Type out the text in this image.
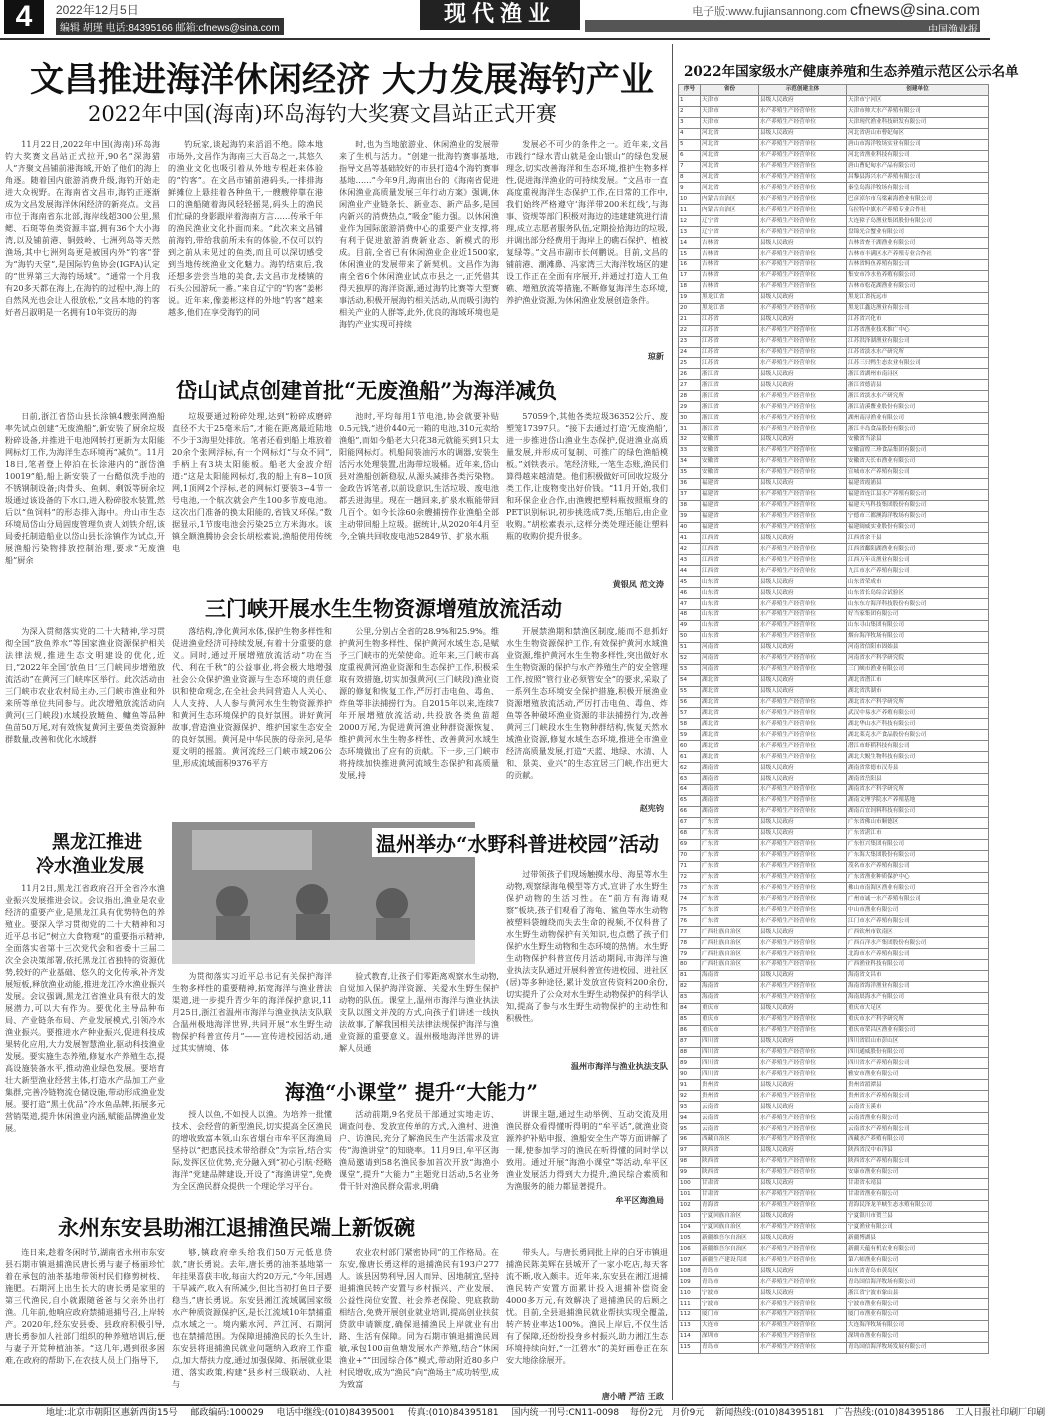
4	2022年12月5日
编辑 胡瑾 电话:84395166 邮箱:cfnews@sina.com
现代渔业	电子版:www.fujiansannong.com cfnews@sina.com
中国渔业报
文昌推进海洋休闲经济 大力发展海钓产业
2022年中国(海南)环岛海钓大奖赛文昌站正式开赛

11月22日,2022年中国(海南)环岛海钓大奖赛文昌站正式拉开,90名“深海猎人”齐聚文昌铺前港海域,开始了他们的海上角逐。随着国内旅游消费升级,海钓开始走进大众视野。在海南省文昌市,海钓正逐渐成为文昌发展海洋休闲经济的新亮点。文昌市位于海南省东北部,海岸线超300公里,黑鳃、石斑等鱼类资源丰富,拥有36个大小海湾,以及铺前港、铜鼓岭、七洲列岛等天然渔场,其中七洲列岛更是被国内外“钓客”誉为“海钓天堂”,是国际钓鱼协会(IGFA)认定的“世界第三大海钓场域”。“通常一个月我有20多天都在海上,在海钓的过程中,海上的自然风光也会让人很放松,”文昌本地的钓客好者吕淑明是一名拥有10年资历的海

钓玩家,谈起海钓来滔滔不绝。除本地市场外,文昌作为海南三大百岛之一,其悠久的渔业文化也吸引着从外地专程赶来体验的“钓客”。在文昌市铺前港码头,一排排海鲜摊位上悬挂着各种鱼干,一艘艘停靠在港口的渔船随着海风轻轻摇晃,码头上的渔民们忙碌的身影跟岸着海南方言……传承千年的渔民渔业文化扑面而来。“此次来文昌铺前海钓,带给我前所未有的体验,不仅可以钓到之前从未见过的鱼类,而且可以深切感受到当地传统渔业文化魅力。海钓结束后,我还想多尝尝当地的美食,去文昌市龙楼镇的石头公园游玩一番。”来自辽宁的“钓客”姜彬说。近年来,像姜彬这样的外地“钓客”越来越多,他们在享受海钓的同

时,也为当地旅游业、休闲渔业的发展带来了生机与活力。“创建一批海钓赛事基地,指导文昌等基础较好的市县打造4个海钓赛事基地……”今年9月,海南出台的《海南省促进休闲渔业高质量发展三年行动方案》强调,休闲渔业产业链条长、新业态、新产品多,是国内新兴的消费热点,“吸金”能力强。以休闲渔业作为国际旅游消费中心的重要产业支撑,将有利于促进旅游消费新业态、新模式的形成。目前,全省已有休闲渔业企业近1500家,休闲渔业的发展带来了新契机。文昌作为海南全省6个休闲渔业试点市县之一,正凭借其得天独厚的海洋资源,通过海钓比赛等大型赛事活动,积极开展海钓相关活动,从而吸引海钓相关产业的人群等,此外,优良的海域环境也是海钓产业实现可持续

发展必不可少的条件之一。近年来,文昌市践行“绿水青山就是金山银山”的绿色发展理念,切实改善海洋和生态环境,推护生物多样性,促进海洋渔业的可持续发展。“文昌市一直高度重视海洋生态保护工作,在日常的工作中,我们始终严格遵守‘海洋带200米红线’,与海事、资规等部门积极对海边的违建建筑进行清理,成立志愿者服务队伍,定期捡拾海边的垃圾,并调出部分经费用于海岸上的礁石保护、植被复绿等。”文昌市副市长何鹏说。目前,文昌的铺前港、潮滩鼻、冯家湾三大海洋牧场区的建设工作正在全面有序展开,并通过打造人工鱼礁、增殖放流等措施,不断修复海洋生态环境,养护渔业资源,为休闲渔业发展创造条件。

琼新
岱山试点创建首批“无废渔船”为海洋减负

日前,浙江省岱山县长涂镇4艘张网渔船率先试点创建“无废渔船”,新安装了厨余垃圾粉碎设备,并推进干电池网转打更新为太阳能网标灯工作,为海洋生态环境再“减负”。11月18日,笔者登上停泊在长涂港内的“浙岱渔10019”船,船上新安装了一台酷似洗手池的不锈钢制设备;肉骨头、鱼刺、剩饭等厨余垃圾通过该设备的下水口,进入粉碎胶水装置,然后以“鱼饲料”的形态排入海中。舟山市生态环境局岱山分局固废管理负责人刘铁介绍,该局委托制造船业以岱山县长涂镇作为试点,开展渔船污染物排放控制治理,要求“无废渔船”厨余

垃圾要通过粉碎处理,达到“粉碎成磨碎直径不大于25毫米后”,才能在距离最近陆地不少于3海里处排放。笔者还看到船上堆放着20余个张网浮标,有一个网标灯“与众不同”,手柄上有3块太阳能板。船老大金波介绍道:“这是太阳能网标灯,我的船上有8~10顶网,1顶网2个浮标,老的网标灯要装3~4节一号电池,一个航次就会产生100多节废电池。这次出门准备的换太阳能的,省钱又环保。”数据显示,1节废电池会污染25立方米海水。该镇全额渔腾协会会长胡松素说,渔船使用传统电

池时,平均每用1节电池,协会就要补贴0.5元钱,“进价440元一箱的电池,310元卖给渔船”,而如今船老大只花38元就能买到1只太阳能网标灯。机船间装油污水的调器,安装生活污水处理装置,出海带垃圾桶。近年来,岱山县对渔船创新稳驭,从源头减排各类污染物。金政告诉笔者,以前设意识,生活垃圾、废电池都丢进海里。现在一趟回来,扩泉水瓶能带回几百个。如今长涂60余艘捕捞作业渔船全部主动带回船上垃圾。据统计,从2020年4月至今,全镇共回收废电池52849节、扩泉水瓶

57059个,其他各类垃圾36352公斤、废塑笼17397只。“接下去通过打造‘无废渔船’,进一步推进岱山渔业生态保护,促进渔业高质量发展,并形成可复制、可推广的绿色渔船模板。”刘铁表示。笔经济账,一笔生态账,渔民们算得越来越清楚。他们积极做好可回收垃圾分类工作,让废物变出好价钱。“11月开始,我们和环保企业合作,由渔嫂把塑料瓶按照瓶身的PET识别标识,初步挑选成7类,压缩后,由企业收购。”胡松素表示,这样分类处理还能让塑料瓶的收购价提升很多。

黄银凤 范文涛
三门峡开展水生生物资源增殖放流活动

为深入贯彻落实党的二十大精神,学习贯彻全国“放鱼养水”等国家渔业资源保护相关法律法规,推进生态文明建设的优化,近日,“2022年全国‘放鱼日’三门峡同步增殖放流活动”在黄河三门峡库区举行。此次活动由三门峡市农业农村局主办,三门峡市渔业和外来所等单位共同参与。此次增殖放流活动向黄河(三门峡段)水域投放鲢鱼、鳙鱼等品种鱼苗50万尾,对有效恢复黄河主要鱼类资源种群数量,改善和优化水域群

落结构,净化黄河水体,保护生物多样性和促进渔业经济可持续发展,有着十分重要的意义。同时,通过开展增殖放流活动“功在当代、利在千秋”的公益事业,将会极大地增强社会公众保护渔业资源与生态环境的责任意识和使命观念,在全社会共同营造人人关心、人人支持、人人参与黄河水生生物资源养护和黄河生态环境保护的良好氛围。讲好黄河故事,营造渔业资源保护、维护国家生态安全的良好氛围。黄河是中华民族的母亲河,是华夏文明的摇篮。黄河流经三门峡市域206公里,形成流域面积9376平方

公里,分别占全省的28.9%和25.9%。维护黄河生物多样性、保护黄河水域生态,是赋予三门峡市的光荣使命。近年来,三门峡市高度重视黄河渔业资源和生态保护工作,积极采取有效措施,切实加强黄河(三门峡段)渔业资源的修复和恢复工作,严厉打击电鱼、毒鱼、炸鱼等非法捕捞行为。自2015年以来,连续7年开展增殖放流活动,共投放各类鱼苗超2000万尾,为促进黄河渔业种群资源恢复、维护黄河水生生物多样性、改善黄河水域生态环境做出了应有的贡献。下一步,三门峡市将持续加快推进黄河流域生态保护和高质量发展,持

开展禁渔期和禁渔区制度,能而不息抓好水生生物资源保护工作,有效保护黄河水域渔业资源,维护黄河水生生物多样性,突出做好水生生物资源的保护与水产养殖生产的安全管理工作,按照“管行业必须管安全”的要求,采取了一系列生态环境安全保护措施,积极开展渔业资源增殖放流活动,严厉打击电鱼、毒鱼、炸鱼等各种破坏渔业资源的非法捕捞行为,改善黄河三门峡段水生生物种群结构,恢复天然水域渔业资源,修复水域生态环境,推进全市渔业经济高质量发展,打造“天蓝、地绿、水清、人和、景美、业兴”的生态宜居三门峡,作出更大的贡献。

赵宪钧
黑龙江推进
冷水渔业发展

11月2日,黑龙江省政府召开全省冷水渔业振兴发展推进会议。会议指出,渔业是农业经济的重要产业,是黑龙江具有优势特色的养殖业。要深入学习贯彻党的二十大精神和习近平总书记“树立大食物观”的重要指示精神,全面落实省第十三次党代会和省委十三届二次全会决策部署,依托黑龙江省独特的资源优势,较好的产业基础、悠久的文化传承,补齐发展短板,释放渔业动能,推进龙江冷水渔业振兴发展。会议强调,黑龙江省渔业具有很大的发展潜力,可以大有作为。要优化主导品种布局、产业链条布局、产业发展模式,引领冷水渔业振兴。要推进水产种业振兴,促进科技成果转化应用,大力发展智慧渔业,驱动科技渔业发展。要实施生态养殖,修复水产养殖生态,提高设施装备水平,推动渔业绿色发展。要培育壮大新型渔业经营主体,打造水产品加工产业集群,完善冷链物流仓储设施,带动形成渔业发展。要打造“黑土优品”冷水鱼品牌,拓展多元营销渠道,提升休闲渔业内涵,赋能品牌渔业发展。

温州举办“水野科普进校园”活动

为贯彻落实习近平总书记有关保护海洋生物多样性的重要精神,拓宽海洋与渔业普法渠道,进一步提升青少年的海洋保护意识,11月25日,浙江省温州市海洋与渔业执法支队联合温州极地海洋世界,共同开展“水生野生动物保护科普宣传月”——宣传进校园活动,通过其实情境、体

验式教育,让孩子们零距离观察水生动物,自觉加入保护海洋资源、关爱水生野生保护动物的队伍。课堂上,温州市海洋与渔业执法支队以图文并茂的方式,向孩子们讲述一线执法故事,了解我国相关法律法规保护海洋与渔业资源的重要意义。温州极地海洋世界的讲解人员通

过带领孩子们现场触摸水母、海星等水生动物,观察绿海龟模型等方式,宣讲了水生野生保护动物的生活习性。在“前方有海请观察”板块,孩子们观看了海龟、鲨鱼等水生动物被塑料袋缠绕而失去生命的视频,不仅科普了水生野生动物保护有关知识,也点燃了孩子们保护水生野生动物和生态环境的热情。水生野生动物保护科普宣传月活动期间,市海洋与渔业执法支队通过开展科普宣传进校园、进社区(居)等多种途径,累计发放宣传资料200余份,切实提升了公众对水生野生动物保护的科学认知,提高了参与水生野生动物保护的主动性和积极性。

温州市海洋与渔业执法支队
海渔“小课堂” 提升“大能力”

授人以鱼,不如授人以渔。为培养一批懂技术、会经营的新型渔民,切实提高全区渔民的增收致富本领,山东省烟台市牟平区海渔局坚持以“把惠民技术带给群众”为宗旨,结合实际,发挥区位优势,充分融入到“初心引航·经略海洋”党建品牌建设,开设了“海渔讲堂”,免费为全区渔民群众提供一个理论学习平台。

活动前期,9名党员干部通过实地走访、调查问卷、发放宣传单的方式,入渔村、进渔户、访渔民,充分了解渔民生产生活需求及宣传“海渔讲堂”的知晓率。11月9日,牟平区海渔局邀请到58名渔民参加首次开放“海渔小课堂”,提升“大能力”主题党日活动,5名业务骨干针对渔民群众需求,明确

讲课主题,通过生动举例、互动交流及用渔民群众看得懂听得明的“牟平话”,就渔业资源养护补贴申报、渔船安全生产等方面讲解了一课,使参加学习的渔民在听得懂的同时学以致用。通过开展“海渔小课堂”等活动,牟平区渔业发展活力得到大力提升,渔民综合素质和为渔服务的能力都显著提升。

牟平区海渔局
永州东安县助湘江退捕渔民端上新饭碗

连日来,趁着冬闲时节,湖南省永州市东安县石期市镇退捕渔民唐长勇与妻子杨丽珍忙着在承包的油茶基地带领村民们修剪树枝、施肥。石期河上出生长大的唐长勇是家里的第三代渔民,自小就跟随爸爸与父亲外出打渔。几年前,他响应政府禁捕退捕号召,上岸转产。2020年,经东安县委、县政府积极引导,唐长勇参加人社部门组织的种养殖培训后,便与妻子开荒种植油茶。“这几年,遇到很多困难,在政府的帮助下,在农技人员上门指导下,

够,镇政府牵头给我们50万元低息贷款,”唐长勇说。去年,唐长勇的油茶基地第一年挂果喜获丰收,每亩大约20万元,“今年,国遇干旱减产,收入有所减少,但比当初打鱼日子要稳当,”唐长勇说。东安县湘江流域属国家级水产种质资源保护区,是长江流域10年禁捕重点水域之一。境内紫水河、芦江河、石期河也在禁捕范围。为保障退捕渔民的长久生计,东安县将退捕渔民就业问题纳入政府工作重点,加大帮扶力度,通过加强保障、拓展就业渠道、落实政策,构建“县乡村三级联动、人社与

农业农村部门紧密协同”的工作格局。在东安,像唐长勇这样的退捕渔民有193户277人。该县因势利导,因人而异、因地制宜,坚持退捕渔民转产安置与乡村振兴、产业发展、公益性岗位安置、社会养老保险、兜底救助相结合,免费开展创业就业培训,提高创业扶贫贷款申请额度,确保退捕渔民上岸就业有出路、生活有保障。同为石期市镇退捕渔民周敏,承包100亩鱼塘发展水产养殖,结合“休闲渔业+”“田园综合体”模式,带动附近80多户村民增收,成为“渔民”向“渔场主”成功转型,成为致富

带头人。与唐长勇同批上岸的白牙市镇退捕渔民陈美辉在县城开了一家小吃店,每天客流不断,收入颇丰。近年来,东安县在湘江退捕渔民转产安置方面累计投入退捕补偿资金4000多万元,有效解决了退捕渔民的后顾之忧。目前,全县退捕渔民就业帮扶实现全覆盖,转产转业率达100%。渔民上岸后,不仅生活有了保障,还纷纷投身乡村振兴,助力湘江生态环境持续向好,“一江碧水”的美好画卷正在东安大地徐徐展开。

唐小晴 严洁 王政
2022年国家级水产健康养殖和生态养殖示范区公示名单
序号	省份	示范创建主体	创建单位
1	天津市	县级人民政府	天津市宁河区
2	天津市	水产养殖生产经营单位	天津市帅大水产养殖有限公司
3	天津市	水产养殖生产经营单位	天津现代渔业科技研发有限公司
4	河北省	县级人民政府	河北省唐山市曹妃甸区
5	河北省	水产养殖生产经营单位	唐山市海洋牧场实业有限公司
6	河北省	水产养殖生产经营单位	河北省渔业科技有限公司
7	河北省	水产养殖生产经营单位	唐山曹妃甸水产品有限公司
8	河北省	水产养殖生产经营单位	昌黎县海兴水产养殖有限公司
9	河北省	水产养殖生产经营单位	秦皇岛海洋牧场有限公司
10	内蒙古自治区	水产养殖生产经营单位	巴彦淖尔市乌梁素海渔业有限公司
11	内蒙古自治区	水产养殖生产经营单位	乌拉特中旗水产养殖专业合作社
12	辽宁省	水产养殖生产经营单位	大连獐子岛渔业集团股份有限公司
13	辽宁省	水产养殖生产经营单位	盘锦光合蟹业有限公司
14	吉林省	县级人民政府	吉林省查干湖渔业有限公司
15	吉林省	水产养殖生产经营单位	吉林市丰满区水产养殖专业合作社
16	吉林省	水产养殖生产经营单位	吉林省鲟鱼养殖有限公司
17	吉林省	水产养殖生产经营单位	集安市冷水鱼养殖有限公司
18	吉林省	水产养殖生产经营单位	吉林市松花湖渔业有限公司
19	黑龙江省	县级人民政府	黑龙江省抚远市
20	黑龙江省	水产养殖生产经营单位	黑龙江鑫达渔业有限公司
21	江苏省	县级人民政府	江苏省兴化市
22	江苏省	水产养殖生产经营单位	江苏省渔业技术推广中心
23	江苏省	水产养殖生产经营单位	江苏洪泽湖渔业有限公司
24	江苏省	水产养殖生产经营单位	江苏省淡水水产研究所
25	江苏省	水产养殖生产经营单位	江苏三只鸭生态农业有限公司
26	浙江省	县级人民政府	浙江省湖州市南浔区
27	浙江省	县级人民政府	浙江省德清县
28	浙江省	水产养殖生产经营单位	浙江省淡水水产研究所
29	浙江省	水产养殖生产经营单位	浙江清溪鳖业股份有限公司
30	浙江省	水产养殖生产经营单位	湖州南浔渔业有限公司
31	浙江省	水产养殖生产经营单位	浙江丰岛食品股份有限公司
32	安徽省	县级人民政府	安徽省当涂县
33	安徽省	水产养殖生产经营单位	安徽富煌三珍食品集团有限公司
34	安徽省	水产养殖生产经营单位	安徽省天长市渔业有限公司
35	安徽省	水产养殖生产经营单位	宣城市水产养殖有限公司
36	福建省	县级人民政府	福建省霞浦县
37	福建省	水产养殖生产经营单位	福建省连江县水产养殖有限公司
38	福建省	水产养殖生产经营单位	福建天马科技集团股份有限公司
39	福建省	水产养殖生产经营单位	宁德市三都澳海洋牧场有限公司
40	福建省	水产养殖生产经营单位	福建闽威实业股份有限公司
41	江西省	县级人民政府	江西省余干县
42	江西省	水产养殖生产经营单位	江西省鄱阳湖渔业有限公司
43	江西省	水产养殖生产经营单位	江西万年贡渔业有限公司
44	江西省	水产养殖生产经营单位	九江市水产养殖有限公司
45	山东省	县级人民政府	山东省荣成市
46	山东省	县级人民政府	山东省长岛综合试验区
47	山东省	水产养殖生产经营单位	山东东方海洋科技股份有限公司
48	山东省	水产养殖生产经营单位	好当家集团有限公司
49	山东省	水产养殖生产经营单位	山东寻山集团有限公司
50	山东省	水产养殖生产经营单位	烟台海洋牧场有限公司
51	河南省	县级人民政府	河南省信阳市固始县
52	河南省	水产养殖生产经营单位	河南省水产科学研究院
53	河南省	水产养殖生产经营单位	三门峡市渔业有限公司
54	湖北省	县级人民政府	湖北省潜江市
55	湖北省	县级人民政府	湖北省洪湖市
56	湖北省	水产养殖生产经营单位	湖北省水产科学研究所
57	湖北省	水产养殖生产经营单位	武汉中易水产养殖有限公司
58	湖北省	水产养殖生产经营单位	湖北华山水产科技有限公司
59	湖北省	水产养殖生产经营单位	湖北莱克水产食品股份有限公司
60	湖北省	水产养殖生产经营单位	潜江市虾稻科技有限公司
61	湖北省	水产养殖生产经营单位	湖北大鲵生物科技有限公司
62	湖南省	县级人民政府	湖南省常德市汉寿县
63	湖南省	县级人民政府	湖南省岳阳县
64	湖南省	水产养殖生产经营单位	湖南省水产科学研究所
65	湖南省	水产养殖生产经营单位	湖南文理学院水产养殖基地
66	湖南省	水产养殖生产经营单位	湖南百宜饲料科技有限公司
67	广东省	县级人民政府	广东省佛山市顺德区
68	广东省	县级人民政府	广东省湛江市
69	广东省	水产养殖生产经营单位	广东恒兴集团有限公司
70	广东省	水产养殖生产经营单位	广东海大集团股份有限公司
71	广东省	水产养殖生产经营单位	茂名市水产养殖有限公司
72	广东省	水产养殖生产经营单位	广东省渔业种质保护中心
73	广东省	水产养殖生产经营单位	佛山市南海区渔业有限公司
74	广东省	水产养殖生产经营单位	广州市诚一水产养殖有限公司
75	广东省	水产养殖生产经营单位	中山市渔业有限公司
76	广东省	水产养殖生产经营单位	江门市水产养殖有限公司
77	广西壮族自治区	县级人民政府	广西钦州市钦南区
78	广西壮族自治区	水产养殖生产经营单位	广西百洋水产集团股份有限公司
79	广西壮族自治区	水产养殖生产经营单位	北海市水产养殖有限公司
80	广西壮族自治区	水产养殖生产经营单位	广西渔业科技有限公司
81	海南省	县级人民政府	海南省文昌市
82	海南省	水产养殖生产经营单位	海南省海洋渔业有限公司
83	海南省	水产养殖生产经营单位	海南晨海水产有限公司
84	重庆市	县级人民政府	重庆市大足区
85	重庆市	水产养殖生产经营单位	重庆市水产科学研究所
86	重庆市	水产养殖生产经营单位	重庆市荣昌区渔业有限公司
87	四川省	县级人民政府	四川省眉山市彭山区
88	四川省	水产养殖生产经营单位	四川通威股份有限公司
89	四川省	水产养殖生产经营单位	四川省水产养殖有限公司
90	四川省	水产养殖生产经营单位	雅安市渔业有限公司
91	贵州省	县级人民政府	贵州省湄潭县
92	贵州省	水产养殖生产经营单位	贵州省水产养殖有限公司
93	云南省	县级人民政府	云南省玉溪市
94	云南省	水产养殖生产经营单位	云南省渔业有限公司
95	云南省	水产养殖生产经营单位	云南省水产养殖有限公司
96	西藏自治区	水产养殖生产经营单位	西藏水产养殖有限公司
97	陕西省	县级人民政府	陕西省汉中市洋县
98	陕西省	水产养殖生产经营单位	陕西省水产养殖有限公司
99	陕西省	水产养殖生产经营单位	安康市渔业有限公司
100	甘肃省	县级人民政府	甘肃省永靖县
101	甘肃省	水产养殖生产经营单位	甘肃省渔业有限公司
102	青海省	水产养殖生产经营单位	青海民泽龙羊峡生态水殖有限公司
103	宁夏回族自治区	县级人民政府	宁夏银川市贺兰县
104	宁夏回族自治区	水产养殖生产经营单位	宁夏渔业有限公司
105	新疆维吾尔自治区	县级人民政府	新疆博湖县
106	新疆维吾尔自治区	水产养殖生产经营单位	新疆天蕴有机农业有限公司
107	新疆生产建设兵团	水产养殖生产经营单位	第六师渔业有限公司
108	青岛市	县级人民政府	山东省青岛市黄岛区
109	青岛市	水产养殖生产经营单位	青岛国信海洋牧场有限公司
110	宁波市	县级人民政府	浙江省宁波市象山县
111	宁波市	水产养殖生产经营单位	宁波市渔业有限公司
112	厦门市	水产养殖生产经营单位	厦门市渔业有限公司
113	大连市	水产养殖生产经营单位	大连海洋牧场有限公司
114	深圳市	水产养殖生产经营单位	深圳市渔业有限公司
115	青岛市	水产养殖生产经营单位	青岛国信海洋牧场发展有限公司
地址:北京市朝阳区惠新西街15号 邮政编码:100029 电话中继线:(010)84395001 传真:(010)84395181 国内统一刊号:CN11-0098 每份2元 月价9元 新闻热线:(010)84395181 广告热线:(010)84395186 工人日报社印刷厂印刷
